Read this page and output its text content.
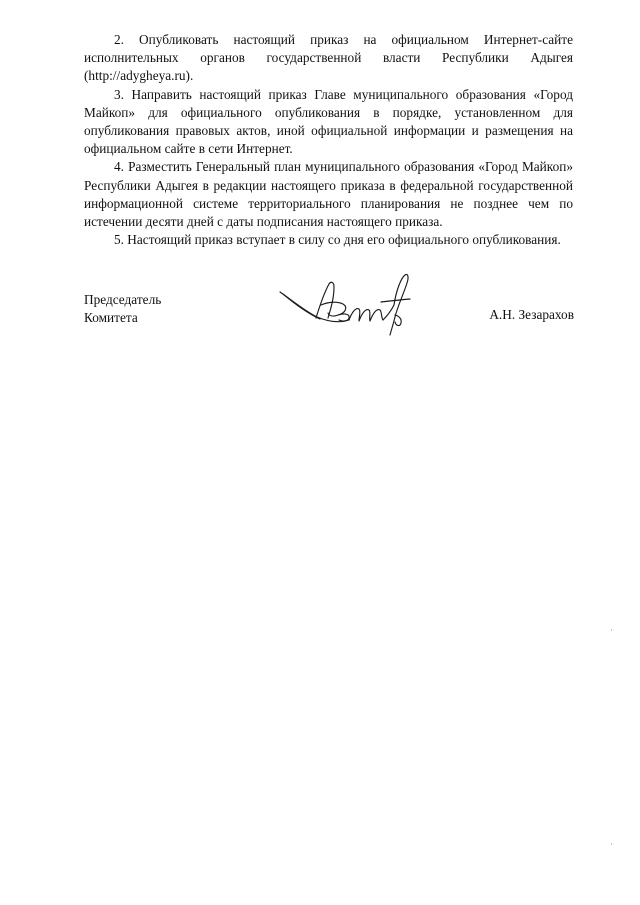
2. Опубликовать настоящий приказ на официальном Интернет-сайте исполнительных органов государственной власти Республики Адыгея (http://adygheya.ru).

3. Направить настоящий приказ Главе муниципального образования «Город Майкоп» для официального опубликования в порядке, установленном для опубликования правовых актов, иной официальной информации и размещения на официальном сайте в сети Интернет.

4. Разместить Генеральный план муниципального образования «Город Майкоп» Республики Адыгея в редакции настоящего приказа в федеральной государственной информационной системе территориального планирования не позднее чем по истечении десяти дней с даты подписания настоящего приказа.

5. Настоящий приказ вступает в силу со дня его официального опубликования.

Председатель
Комитета	А.Н. Зезарахов
